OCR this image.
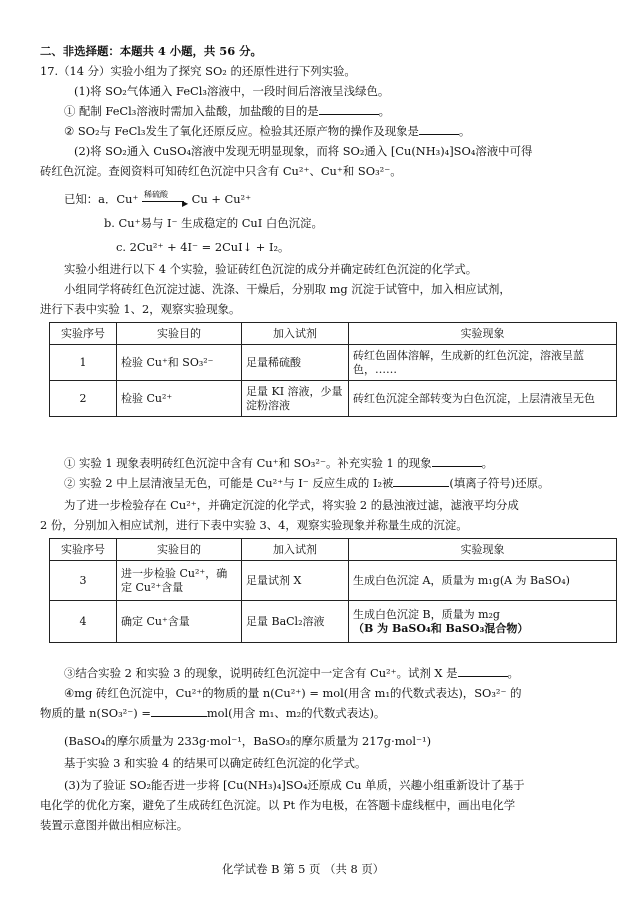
二、非选择题：本题共 4 小题，共 56 分。
17.（14 分）实验小组为了探究 SO₂ 的还原性进行下列实验。
(1)将 SO₂气体通入 FeCl₃溶液中，一段时间后溶液呈浅绿色。
① 配制 FeCl₃溶液时需加入盐酸，加盐酸的目的是	。
② SO₂与 FeCl₃发生了氧化还原反应。检验其还原产物的操作及现象是	。
(2)将 SO₂通入 CuSO₄溶液中发现无明显现象，而将 SO₂通入 [Cu(NH₃)₄]SO₄溶液中可得
砖红色沉淀。查阅资料可知砖红色沉淀中只含有 Cu²⁺、Cu⁺和 SO₃²⁻。
已知：a．Cu⁺ 稀硫酸
▶ Cu + Cu²⁺
b. Cu⁺易与 I⁻ 生成稳定的 CuI 白色沉淀。
c. 2Cu²⁺ + 4I⁻ = 2CuI↓ + I₂。
实验小组进行以下 4 个实验，验证砖红色沉淀的成分并确定砖红色沉淀的化学式。
小组同学将砖红色沉淀过滤、洗涤、干燥后，分别取 mg 沉淀于试管中，加入相应试剂，
进行下表中实验 1、2，观察实验现象。
实验序号	实验目的	加入试剂	实验现象
1	检验 Cu⁺和 SO₃²⁻	足量稀硫酸	砖红色固体溶解，生成新的红色沉淀，溶液呈蓝色，……
2	检验 Cu²⁺	足量 KI 溶液，少量淀粉溶液	砖红色沉淀全部转变为白色沉淀，上层清液呈无色
① 实验 1 现象表明砖红色沉淀中含有 Cu⁺和 SO₃²⁻。补充实验 1 的现象	。
② 实验 2 中上层清液呈无色，可能是 Cu²⁺与 I⁻ 反应生成的 I₂被	(填离子符号)还原。
为了进一步检验存在 Cu²⁺，并确定沉淀的化学式，将实验 2 的悬浊液过滤，滤液平均分成
2 份，分别加入相应试剂，进行下表中实验 3、4，观察实验现象并称量生成的沉淀。
实验序号	实验目的	加入试剂	实验现象
3	进一步检验 Cu²⁺，确定 Cu²⁺含量	足量试剂 X	生成白色沉淀 A，质量为 m₁g(A 为 BaSO₄)
4	确定 Cu⁺含量	足量 BaCl₂溶液	生成白色沉淀 B，质量为 m₂g
（B 为 BaSO₄和 BaSO₃混合物）
③结合实验 2 和实验 3 的现象，说明砖红色沉淀中一定含有 Cu²⁺。试剂 X 是	。
④mg 砖红色沉淀中，Cu²⁺的物质的量 n(Cu²⁺) = mol(用含 m₁的代数式表达)，SO₃²⁻ 的
物质的量 n(SO₃²⁻) =	mol(用含 m₁、m₂的代数式表达)。
(BaSO₄的摩尔质量为 233g·mol⁻¹，BaSO₃的摩尔质量为 217g·mol⁻¹)
基于实验 3 和实验 4 的结果可以确定砖红色沉淀的化学式。
(3)为了验证 SO₂能否进一步将 [Cu(NH₃)₄]SO₄还原成 Cu 单质，兴趣小组重新设计了基于
电化学的优化方案，避免了生成砖红色沉淀。以 Pt 作为电极，在答题卡虚线框中，画出电化学
装置示意图并做出相应标注。
化学试卷 B 第 5 页 （共 8 页）
